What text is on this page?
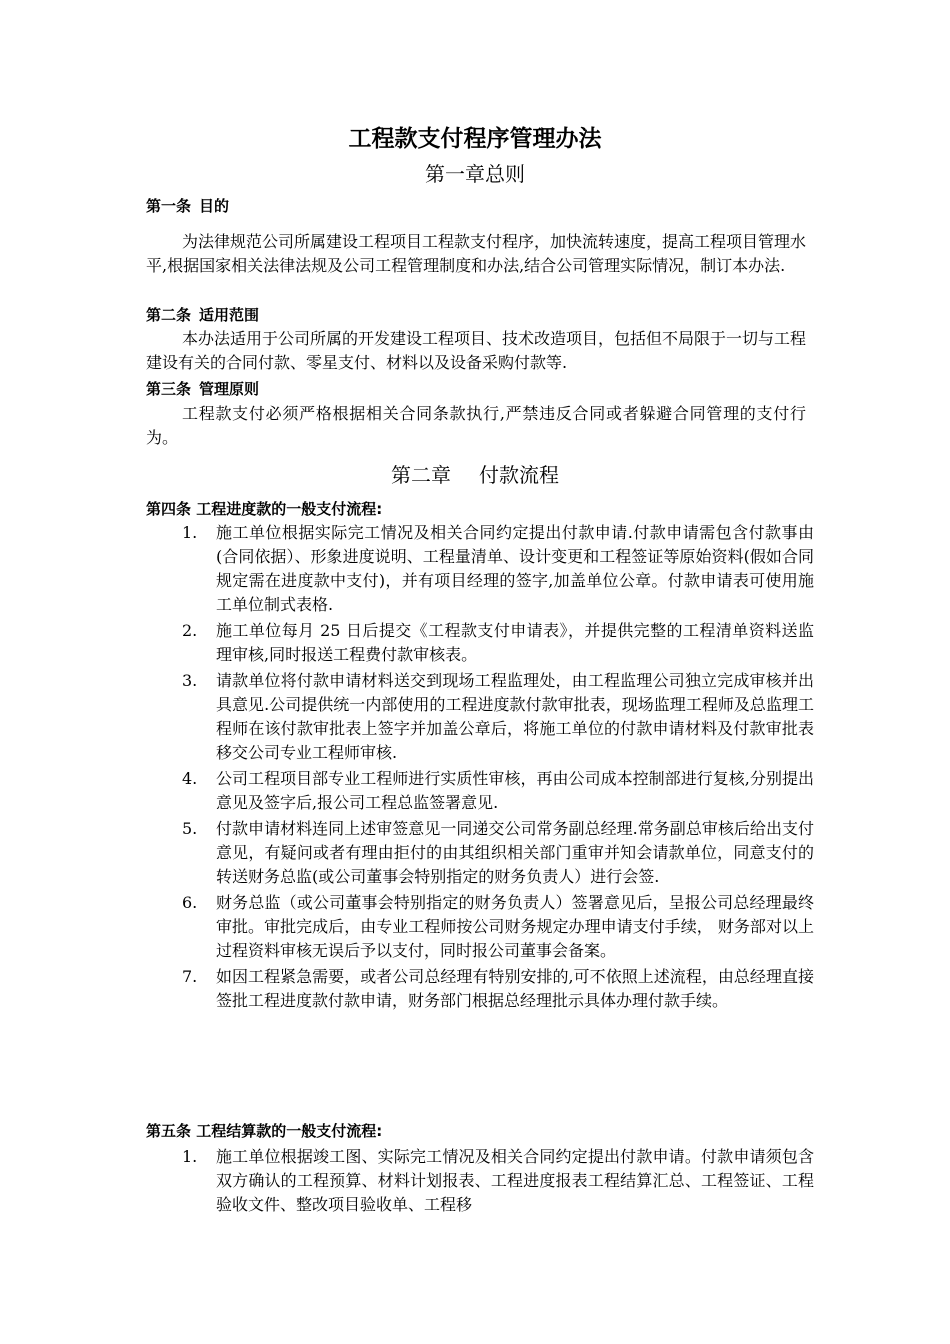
工程款支付程序管理办法
第一章总则
第一条 目的

为法律规范公司所属建设工程项目工程款支付程序，加快流转速度，提高工程项目管理水平,根据国家相关法律法规及公司工程管理制度和办法,结合公司管理实际情况，制订本办法.

第二条 适用范围

本办法适用于公司所属的开发建设工程项目、技术改造项目，包括但不局限于一切与工程建设有关的合同付款、零星支付、材料以及设备采购付款等.

第三条 管理原则

工程款支付必须严格根据相关合同条款执行,严禁违反合同或者躲避合同管理的支付行为。

第二章 付款流程
第四条 工程进度款的一般支付流程:
1. 施工单位根据实际完工情况及相关合同约定提出付款申请.付款申请需包含付款事由(合同依据）、形象进度说明、工程量清单、设计变更和工程签证等原始资料(假如合同规定需在进度款中支付)，并有项目经理的签字,加盖单位公章。付款申请表可使用施工单位制式表格.
2. 施工单位每月 25 日后提交《工程款支付申请表》，并提供完整的工程清单资料送监理审核,同时报送工程费付款审核表。
3. 请款单位将付款申请材料送交到现场工程监理处，由工程监理公司独立完成审核并出具意见.公司提供统一内部使用的工程进度款付款审批表，现场监理工程师及总监理工程师在该付款审批表上签字并加盖公章后，将施工单位的付款申请材料及付款审批表移交公司专业工程师审核.
4. 公司工程项目部专业工程师进行实质性审核，再由公司成本控制部进行复核,分别提出意见及签字后,报公司工程总监签署意见.
5. 付款申请材料连同上述审签意见一同递交公司常务副总经理.常务副总审核后给出支付意见，有疑问或者有理由拒付的由其组织相关部门重审并知会请款单位，同意支付的转送财务总监(或公司董事会特别指定的财务负责人）进行会签.
6. 财务总监（或公司董事会特别指定的财务负责人）签署意见后，呈报公司总经理最终审批。审批完成后，由专业工程师按公司财务规定办理申请支付手续， 财务部对以上过程资料审核无误后予以支付，同时报公司董事会备案。
7. 如因工程紧急需要，或者公司总经理有特别安排的,可不依照上述流程，由总经理直接签批工程进度款付款申请，财务部门根据总经理批示具体办理付款手续。
第五条 工程结算款的一般支付流程:
1. 施工单位根据竣工图、实际完工情况及相关合同约定提出付款申请。付款申请须包含双方确认的工程预算、材料计划报表、工程进度报表工程结算汇总、工程签证、工程验收文件、整改项目验收单、工程移
